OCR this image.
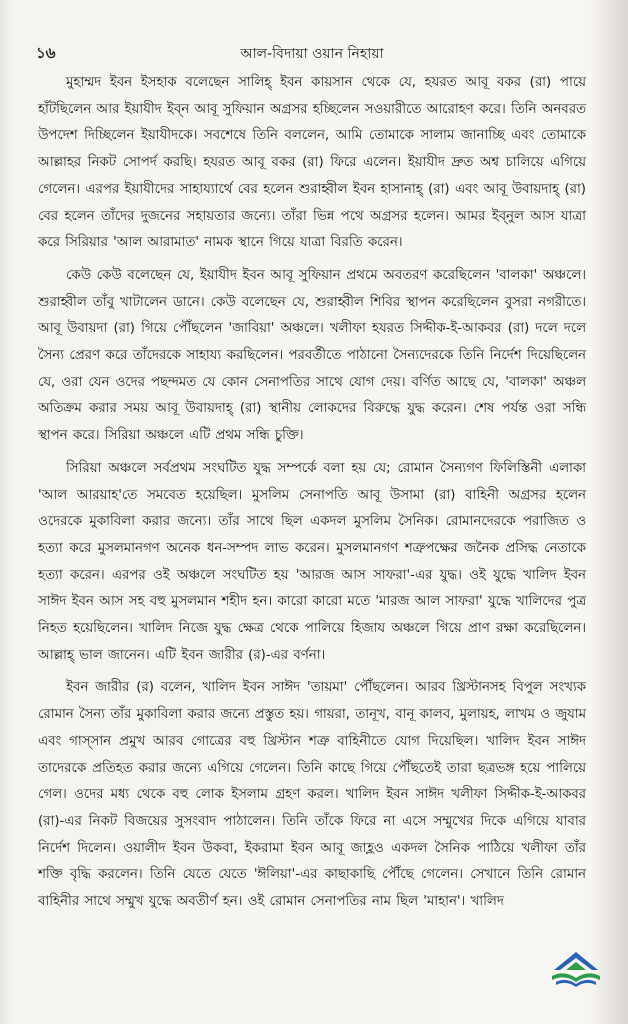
১৬	আল-বিদায়া ওয়ান নিহায়া

মুহাম্মদ ইবন ইসহাক বলেছেন সালিহ্ ইবন কায়সান থেকে যে, হযরত আবূ বকর (রা) পায়ে হাঁটছিলেন আর ইয়াযীদ ইব্ন আবূ সুফিয়ান অগ্রসর হচ্ছিলেন সওয়ারীতে আরোহণ করে। তিনি অনবরত উপদেশ দিচ্ছিলেন ইয়াযীদকে। সবশেষে তিনি বললেন, আমি তোমাকে সালাম জানাচ্ছি এবং তোমাকে আল্লাহর নিকট সোপর্দ করছি। হযরত আবূ বকর (রা) ফিরে এলেন। ইয়াযীদ দ্রুত অশ্ব চালিয়ে এগিয়ে গেলেন। এরপর ইয়াযীদের সাহায্যার্থে বের হলেন শুরাহ্বীল ইবন হাসানাহ্ (রা) এবং আবূ উবায়দাহ্ (রা) বের হলেন তাঁদের দুজনের সহায়তার জন্যে। তাঁরা ভিন্ন পথে অগ্রসর হলেন। আমর ইব্নুল আস যাত্রা করে সিরিয়ার 'আল আরামাত' নামক স্থানে গিয়ে যাত্রা বিরতি করেন।

কেউ কেউ বলেছেন যে, ইয়াযীদ ইবন আবূ সুফিয়ান প্রথমে অবতরণ করেছিলেন 'বালকা' অঞ্চলে। শুরাহ্বীল তাঁবু খাটালেন ডানে। কেউ বলেছেন যে, শুরাহ্বীল শিবির স্থাপন করেছিলেন বুসরা নগরীতে। আবূ উবায়দা (রা) গিয়ে পৌঁছলেন 'জাবিয়া' অঞ্চলে। খলীফা হযরত সিদ্দীক-ই-আকবর (রা) দলে দলে সৈন্য প্রেরণ করে তাঁদেরকে সাহায্য করছিলেন। পরবর্তীতে পাঠানো সৈন্যদেরকে তিনি নির্দেশ দিয়েছিলেন যে, ওরা যেন ওদের পছন্দমত যে কোন সেনাপতির সাথে যোগ দেয়। বর্ণিত আছে যে, 'বালকা' অঞ্চল অতিক্রম করার সময় আবূ উবায়দাহ্ (রা) স্থানীয় লোকদের বিরুদ্ধে যুদ্ধ করেন। শেষ পর্যন্ত ওরা সন্ধি স্থাপন করে। সিরিয়া অঞ্চলে এটি প্রথম সন্ধি চুক্তি।

সিরিয়া অঞ্চলে সর্বপ্রথম সংঘটিত যুদ্ধ সম্পর্কে বলা হয় যে; রোমান সৈন্যগণ ফিলিস্তিনী এলাকা 'আল আরয়াহ'তে সমবেত হয়েছিল। মুসলিম সেনাপতি আবূ উসামা (রা) বাহিনী অগ্রসর হলেন ওদেরকে মুকাবিলা করার জন্যে। তাঁর সাথে ছিল একদল মুসলিম সৈনিক। রোমানদেরকে পরাজিত ও হত্যা করে মুসলমানগণ অনেক ধন-সম্পদ লাভ করেন। মুসলমানগণ শত্রুপক্ষের জনৈক প্রসিদ্ধ নেতাকে হত্যা করেন। এরপর ওই অঞ্চলে সংঘটিত হয় 'আরজ আস সাফরা'-এর যুদ্ধ। ওই যুদ্ধে খালিদ ইবন সাঈদ ইবন আস সহ বহু মুসলমান শহীদ হন। কারো কারো মতে 'মারজ আল সাফরা' যুদ্ধে খালিদের পুত্র নিহত হয়েছিলেন। খালিদ নিজে যুদ্ধ ক্ষেত্র থেকে পালিয়ে হিজায অঞ্চলে গিয়ে প্রাণ রক্ষা করেছিলেন। আল্লাহ্ ভাল জানেন। এটি ইবন জারীর (র)-এর বর্ণনা।

ইবন জারীর (র) বলেন, খালিদ ইবন সাঈদ 'তায়মা' পৌঁছলেন। আরব খ্রিস্টানসহ বিপুল সংখ্যক রোমান সৈন্য তাঁর মুকাবিলা করার জন্যে প্রস্তুত হয়। গায়রা, তানূখ, বানূ কালব, মুলায়হ, লাখম ও জুযাম এবং গাস্সান প্রমুখ আরব গোত্রের বহু খ্রিস্টান শত্রু বাহিনীতে যোগ দিয়েছিল। খালিদ ইবন সাঈদ তাদেরকে প্রতিহত করার জন্যে এগিয়ে গেলেন। তিনি কাছে গিয়ে পৌঁছতেই তারা ছত্রভঙ্গ হয়ে পালিয়ে গেল। ওদের মধ্য থেকে বহু লোক ইসলাম গ্রহণ করল। খালিদ ইবন সাঈদ খলীফা সিদ্দীক-ই-আকবর (রা)-এর নিকট বিজয়ের সুসংবাদ পাঠালেন। তিনি তাঁকে ফিরে না এসে সম্মুখের দিকে এগিয়ে যাবার নির্দেশ দিলেন। ওয়ালীদ ইবন উকবা, ইকরামা ইবন আবূ জাহ্লও একদল সৈনিক পাঠিয়ে খলীফা তাঁর শক্তি বৃদ্ধি করলেন। তিনি যেতে যেতে 'ঈলিয়া'-এর কাছাকাছি পৌঁছে গেলেন। সেখানে তিনি রোমান বাহিনীর সাথে সম্মুখ যুদ্ধে অবতীর্ণ হন। ওই রোমান সেনাপতির নাম ছিল 'মাহান'। খালিদ
